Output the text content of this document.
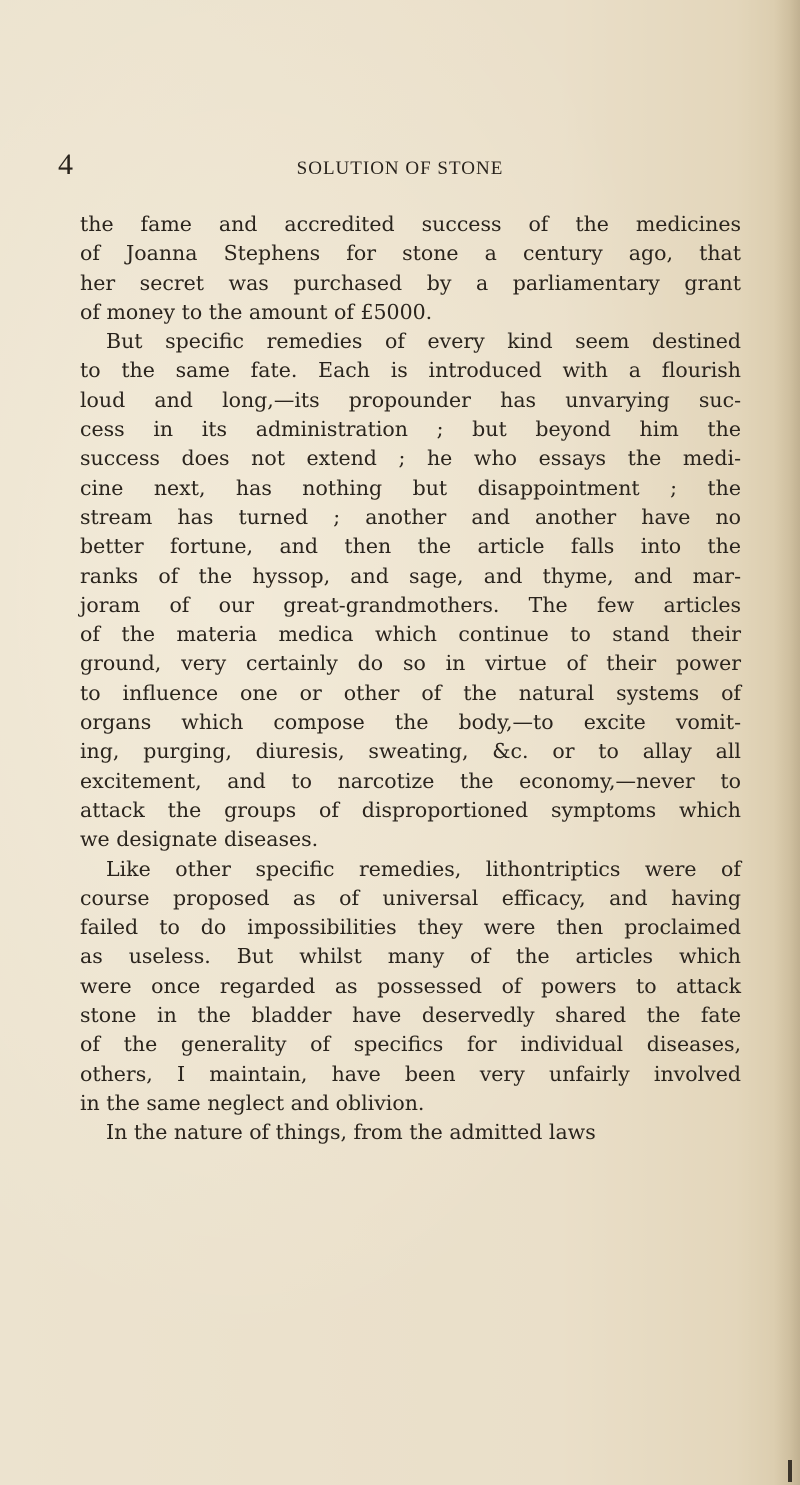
4	SOLUTION OF STONE
the fame and accredited success of the medicines
of Joanna Stephens for stone a century ago, that
her secret was purchased by a parliamentary grant
of money to the amount of £5000.
But specific remedies of every kind seem destined
to the same fate. Each is introduced with a flourish
loud and long,—its propounder has unvarying suc-
cess in its administration ; but beyond him the
success does not extend ; he who essays the medi-
cine next, has nothing but disappointment ; the
stream has turned ; another and another have no
better fortune, and then the article falls into the
ranks of the hyssop, and sage, and thyme, and mar-
joram of our great-grandmothers. The few articles
of the materia medica which continue to stand their
ground, very certainly do so in virtue of their power
to influence one or other of the natural systems of
organs which compose the body,—to excite vomit-
ing, purging, diuresis, sweating, &c. or to allay all
excitement, and to narcotize the economy,—never to
attack the groups of disproportioned symptoms which
we designate diseases.
Like other specific remedies, lithontriptics were of
course proposed as of universal efficacy, and having
failed to do impossibilities they were then proclaimed
as useless. But whilst many of the articles which
were once regarded as possessed of powers to attack
stone in the bladder have deservedly shared the fate
of the generality of specifics for individual diseases,
others, I maintain, have been very unfairly involved
in the same neglect and oblivion.
In the nature of things, from the admitted laws
